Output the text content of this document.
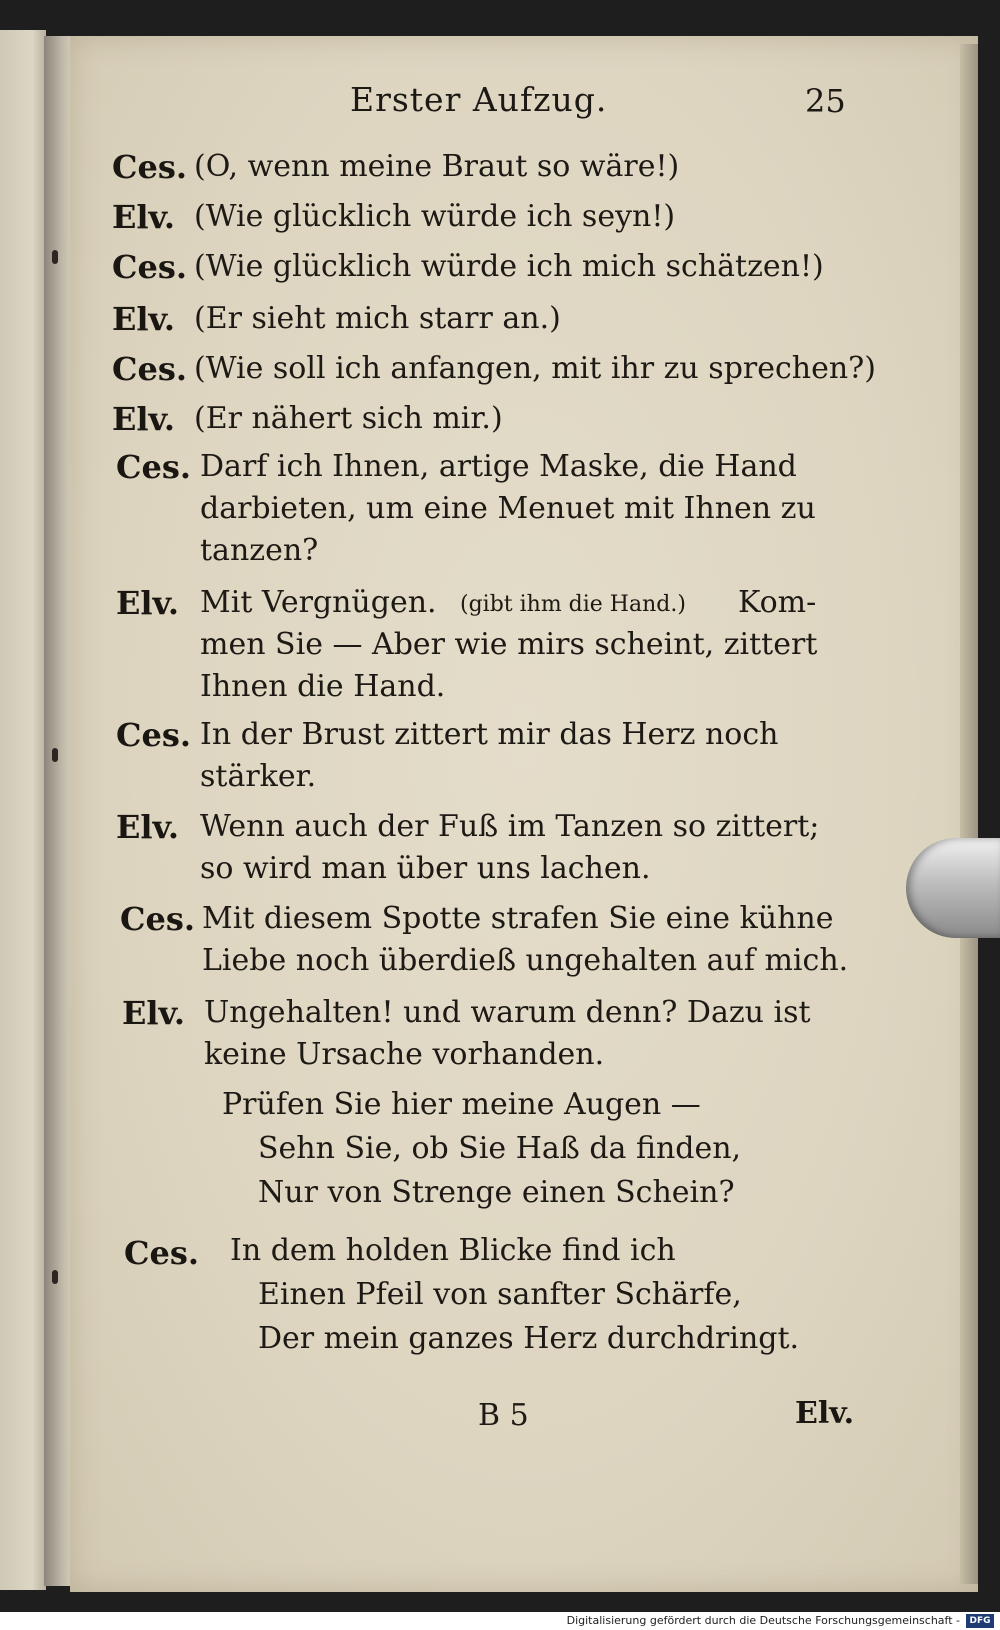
Erster Aufzug.	25
Ces. (O, wenn meine Braut so wäre!)
Elv. (Wie glücklich würde ich seyn!)
Ces. (Wie glücklich würde ich mich schätzen!)
Elv. (Er sieht mich starr an.)
Ces. (Wie soll ich anfangen, mit ihr zu sprechen?)
Elv. (Er nähert sich mir.)
Ces. Darf ich Ihnen, artige Maske, die Hand
darbieten, um eine Menuet mit Ihnen zu
tanzen?
Elv. Mit Vergnügen. (gibt ihm die Hand.) Kom-
men Sie — Aber wie mirs scheint, zittert
Ihnen die Hand.
Ces. In der Brust zittert mir das Herz noch
stärker.
Elv. Wenn auch der Fuß im Tanzen so zittert;
so wird man über uns lachen.
Ces. Mit diesem Spotte strafen Sie eine kühne
Liebe noch überdieß ungehalten auf mich.
Elv. Ungehalten! und warum denn? Dazu ist
keine Ursache vorhanden.
Prüfen Sie hier meine Augen —
Sehn Sie, ob Sie Haß da finden,
Nur von Strenge einen Schein?
Ces. In dem holden Blicke find ich
Einen Pfeil von sanfter Schärfe,
Der mein ganzes Herz durchdringt.
B 5	Elv.
Digitalisierung gefördert durch die Deutsche Forschungsgemeinschaft -	DFG
